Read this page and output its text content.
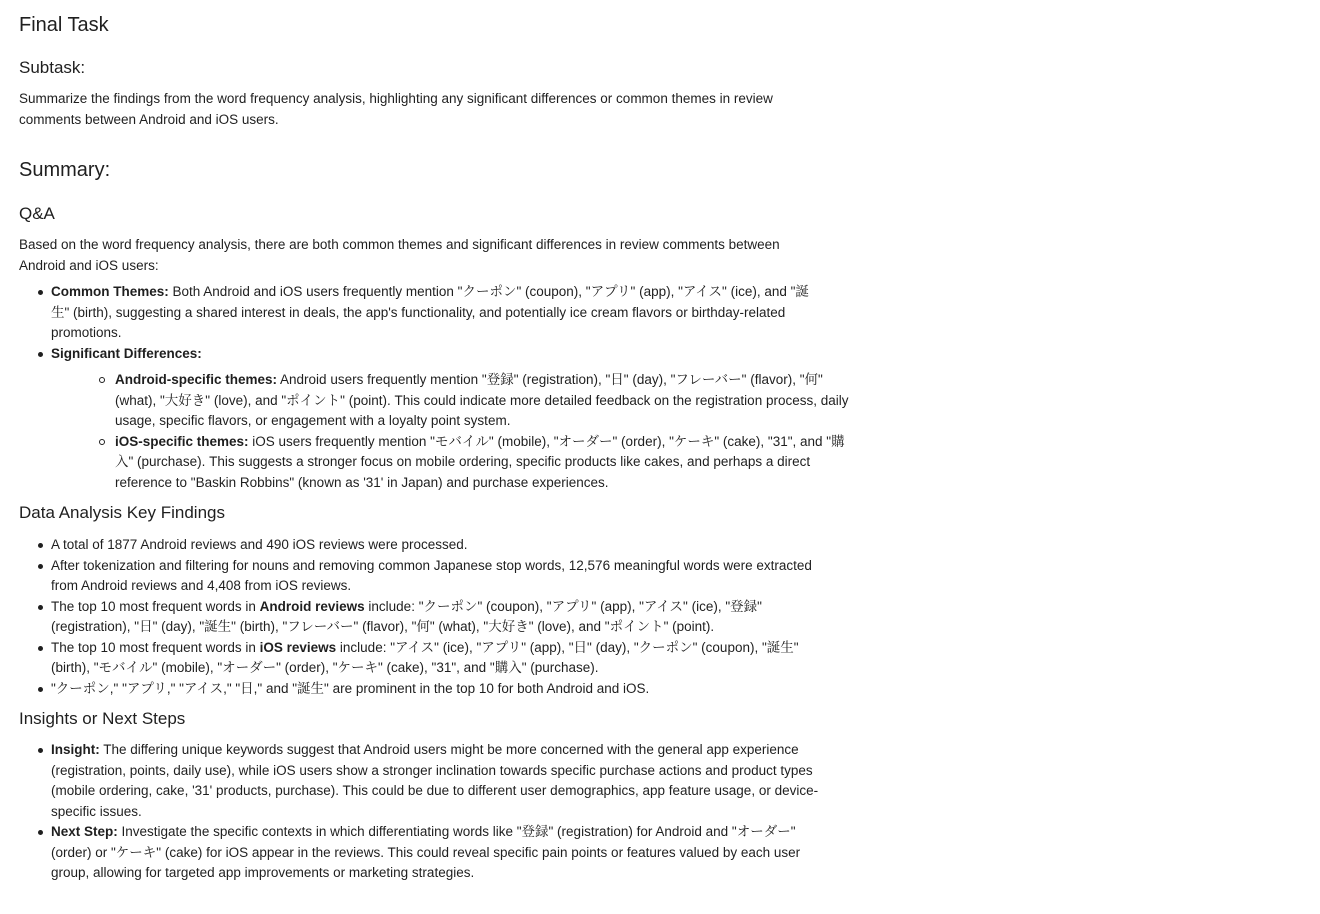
Final Task
Subtask:
Summarize the findings from the word frequency analysis, highlighting any significant differences or common themes in review comments between Android and iOS users.
Summary:
Q&A
Based on the word frequency analysis, there are both common themes and significant differences in review comments between Android and iOS users:
Common Themes: Both Android and iOS users frequently mention "クーポン" (coupon), "アプリ" (app), "アイス" (ice), and "誕生" (birth), suggesting a shared interest in deals, the app's functionality, and potentially ice cream flavors or birthday-related promotions.
Significant Differences:
Android-specific themes: Android users frequently mention "登録" (registration), "日" (day), "フレーバー" (flavor), "何" (what), "大好き" (love), and "ポイント" (point). This could indicate more detailed feedback on the registration process, daily usage, specific flavors, or engagement with a loyalty point system.
iOS-specific themes: iOS users frequently mention "モバイル" (mobile), "オーダー" (order), "ケーキ" (cake), "31", and "購入" (purchase). This suggests a stronger focus on mobile ordering, specific products like cakes, and perhaps a direct reference to "Baskin Robbins" (known as '31' in Japan) and purchase experiences.
Data Analysis Key Findings
A total of 1877 Android reviews and 490 iOS reviews were processed.
After tokenization and filtering for nouns and removing common Japanese stop words, 12,576 meaningful words were extracted from Android reviews and 4,408 from iOS reviews.
The top 10 most frequent words in Android reviews include: "クーポン" (coupon), "アプリ" (app), "アイス" (ice), "登録" (registration), "日" (day), "誕生" (birth), "フレーバー" (flavor), "何" (what), "大好き" (love), and "ポイント" (point).
The top 10 most frequent words in iOS reviews include: "アイス" (ice), "アプリ" (app), "日" (day), "クーポン" (coupon), "誕生" (birth), "モバイル" (mobile), "オーダー" (order), "ケーキ" (cake), "31", and "購入" (purchase).
"クーポン," "アプリ," "アイス," "日," and "誕生" are prominent in the top 10 for both Android and iOS.
Insights or Next Steps
Insight: The differing unique keywords suggest that Android users might be more concerned with the general app experience (registration, points, daily use), while iOS users show a stronger inclination towards specific purchase actions and product types (mobile ordering, cake, '31' products, purchase). This could be due to different user demographics, app feature usage, or device-specific issues.
Next Step: Investigate the specific contexts in which differentiating words like "登録" (registration) for Android and "オーダー" (order) or "ケーキ" (cake) for iOS appear in the reviews. This could reveal specific pain points or features valued by each user group, allowing for targeted app improvements or marketing strategies.
